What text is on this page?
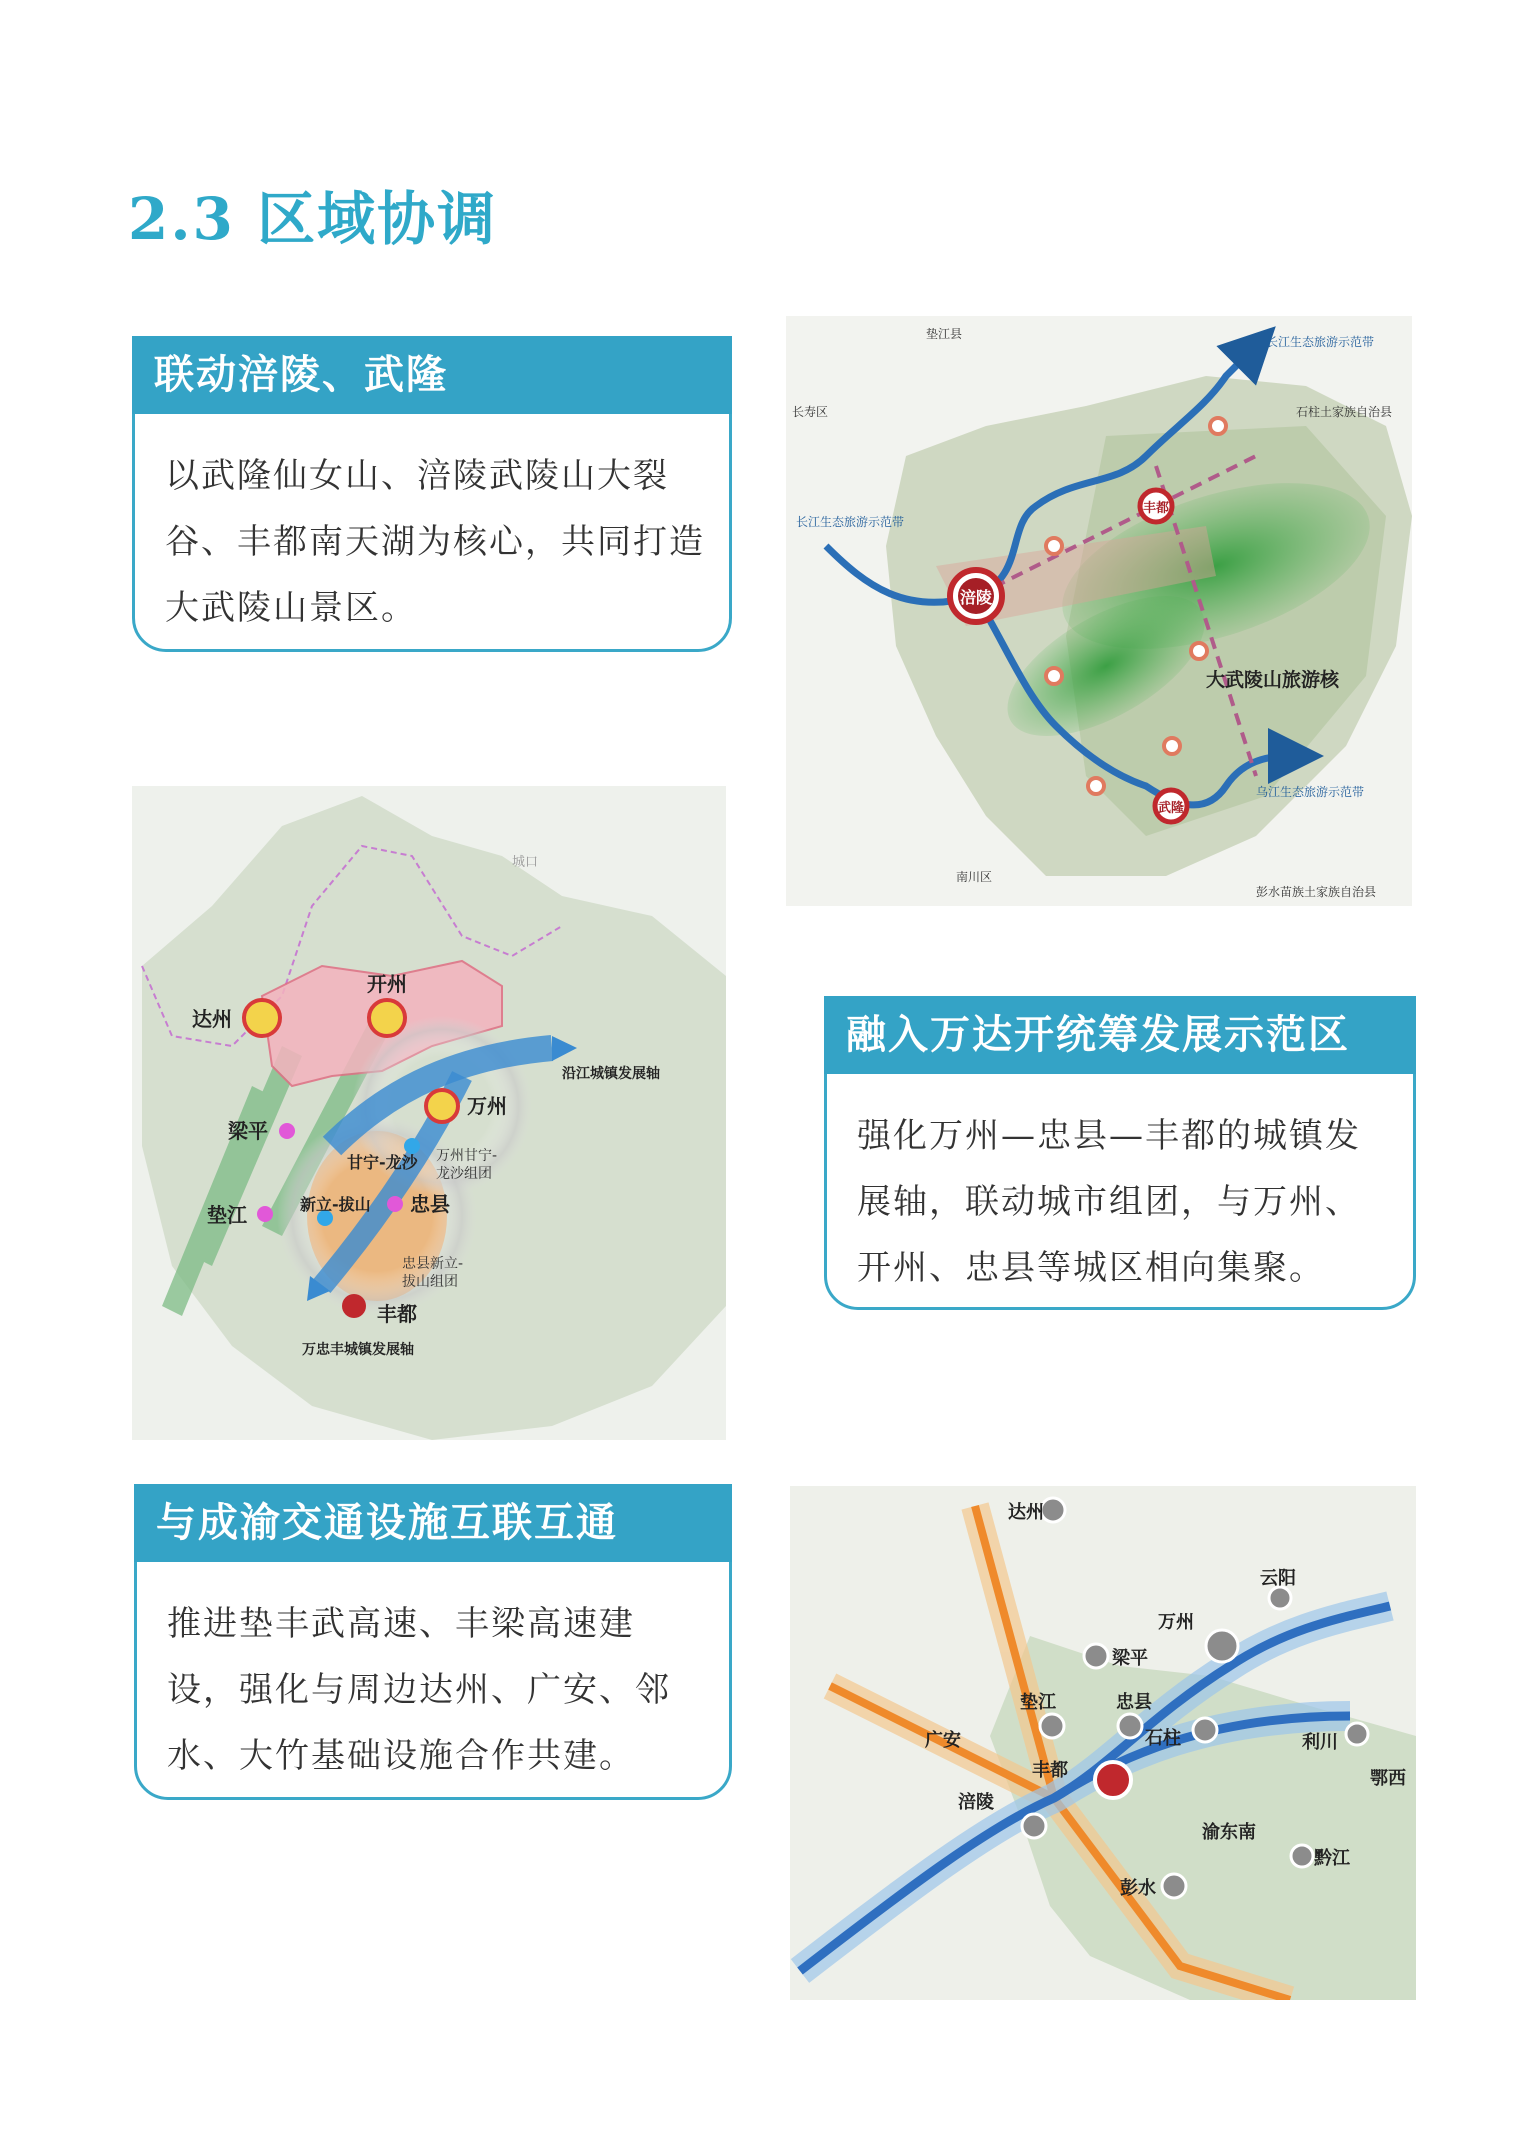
2.3 区域协调
联动涪陵、武隆
以武隆仙女山、涪陵武陵山大裂谷、丰都南天湖为核心，共同打造大武陵山景区。
融入万达开统筹发展示范区
强化万州—忠县—丰都的城镇发展轴，联动城市组团，与万州、开州、忠县等城区相向集聚。
与成渝交通设施互联互通
推进垫丰武高速、丰梁高速建设，强化与周边达州、广安、邻水、大竹基础设施合作共建。
涪陵
丰都
武隆
大武陵山旅游核
长江生态旅游示范带
长江生态旅游示范带
乌江生态旅游示范带
垫江县
长寿区	石柱土家族自治县
南川区
彭水苗族土家族自治县
达州
开州
万州
梁平
垫江	新立-拔山 忠县
丰都
甘宁-龙沙 万州甘宁-
龙沙组团
忠县新立-
拔山组团
沿江城镇发展轴
万忠丰城镇发展轴
城口
达州
云阳
万州
梁平
垫江	忠县
广安	石柱	利川
丰都	鄂西
涪陵
渝东南
黔江
彭水
